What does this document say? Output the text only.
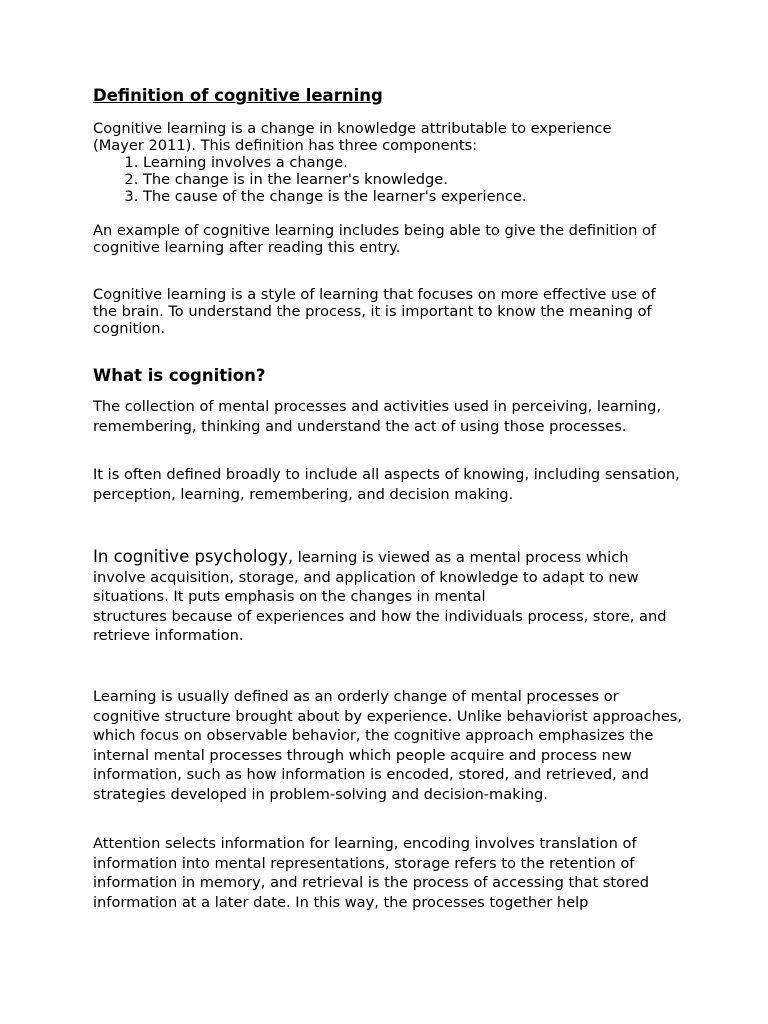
Definition of cognitive learning
Cognitive learning is a change in knowledge attributable to experience
(Mayer 2011). This definition has three components:
1. Learning involves a change.
2. The change is in the learner's knowledge.
3. The cause of the change is the learner's experience.

An example of cognitive learning includes being able to give the definition of cognitive learning after reading this entry.

Cognitive learning is a style of learning that focuses on more effective use of the brain. To understand the process, it is important to know the meaning of cognition.

What is cognition?

The collection of mental processes and activities used in perceiving, learning, remembering, thinking and understand the act of using those processes.

It is often defined broadly to include all aspects of knowing, including sensation, perception, learning, remembering, and decision making.

In cognitive psychology, learning is viewed as a mental process which involve acquisition, storage, and application of knowledge to adapt to new situations. It puts emphasis on the changes in mental
structures because of experiences and how the individuals process, store, and retrieve information.

Learning is usually defined as an orderly change of mental processes or cognitive structure brought about by experience. Unlike behaviorist approaches, which focus on observable behavior, the cognitive approach emphasizes the internal mental processes through which people acquire and process new information, such as how information is encoded, stored, and retrieved, and strategies developed in problem-solving and decision-making.

Attention selects information for learning, encoding involves translation of information into mental representations, storage refers to the retention of information in memory, and retrieval is the process of accessing that stored information at a later date. In this way, the processes together help
